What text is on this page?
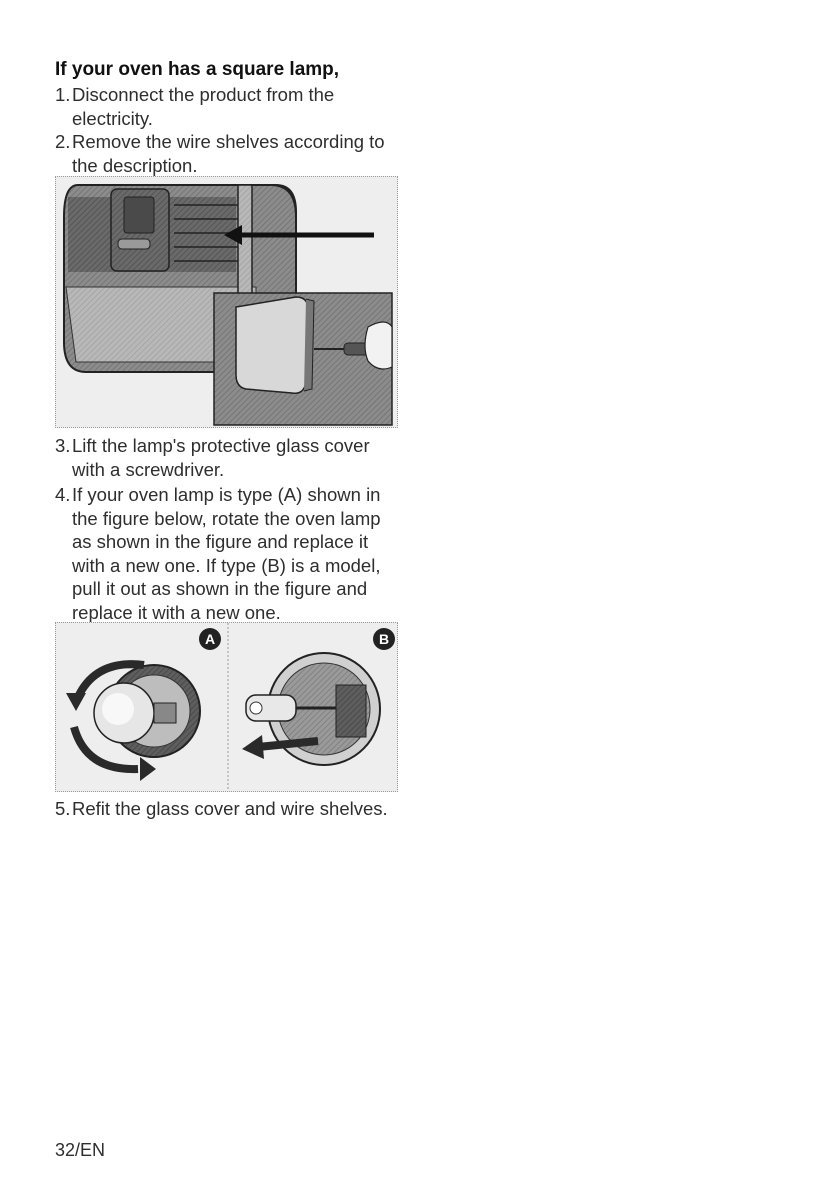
If your oven has a square lamp,
1.Disconnect the product from the
electricity.
2.Remove the wire shelves according to
the description.
3.Lift the lamp's protective glass cover
with a screwdriver.
4.If your oven lamp is type (A) shown in
the figure below, rotate the oven lamp
as shown in the figure and replace it
with a new one. If type (B) is a model,
pull it out as shown in the figure and
replace it with a new one.
A	B
5.Refit the glass cover and wire shelves.
32/EN
